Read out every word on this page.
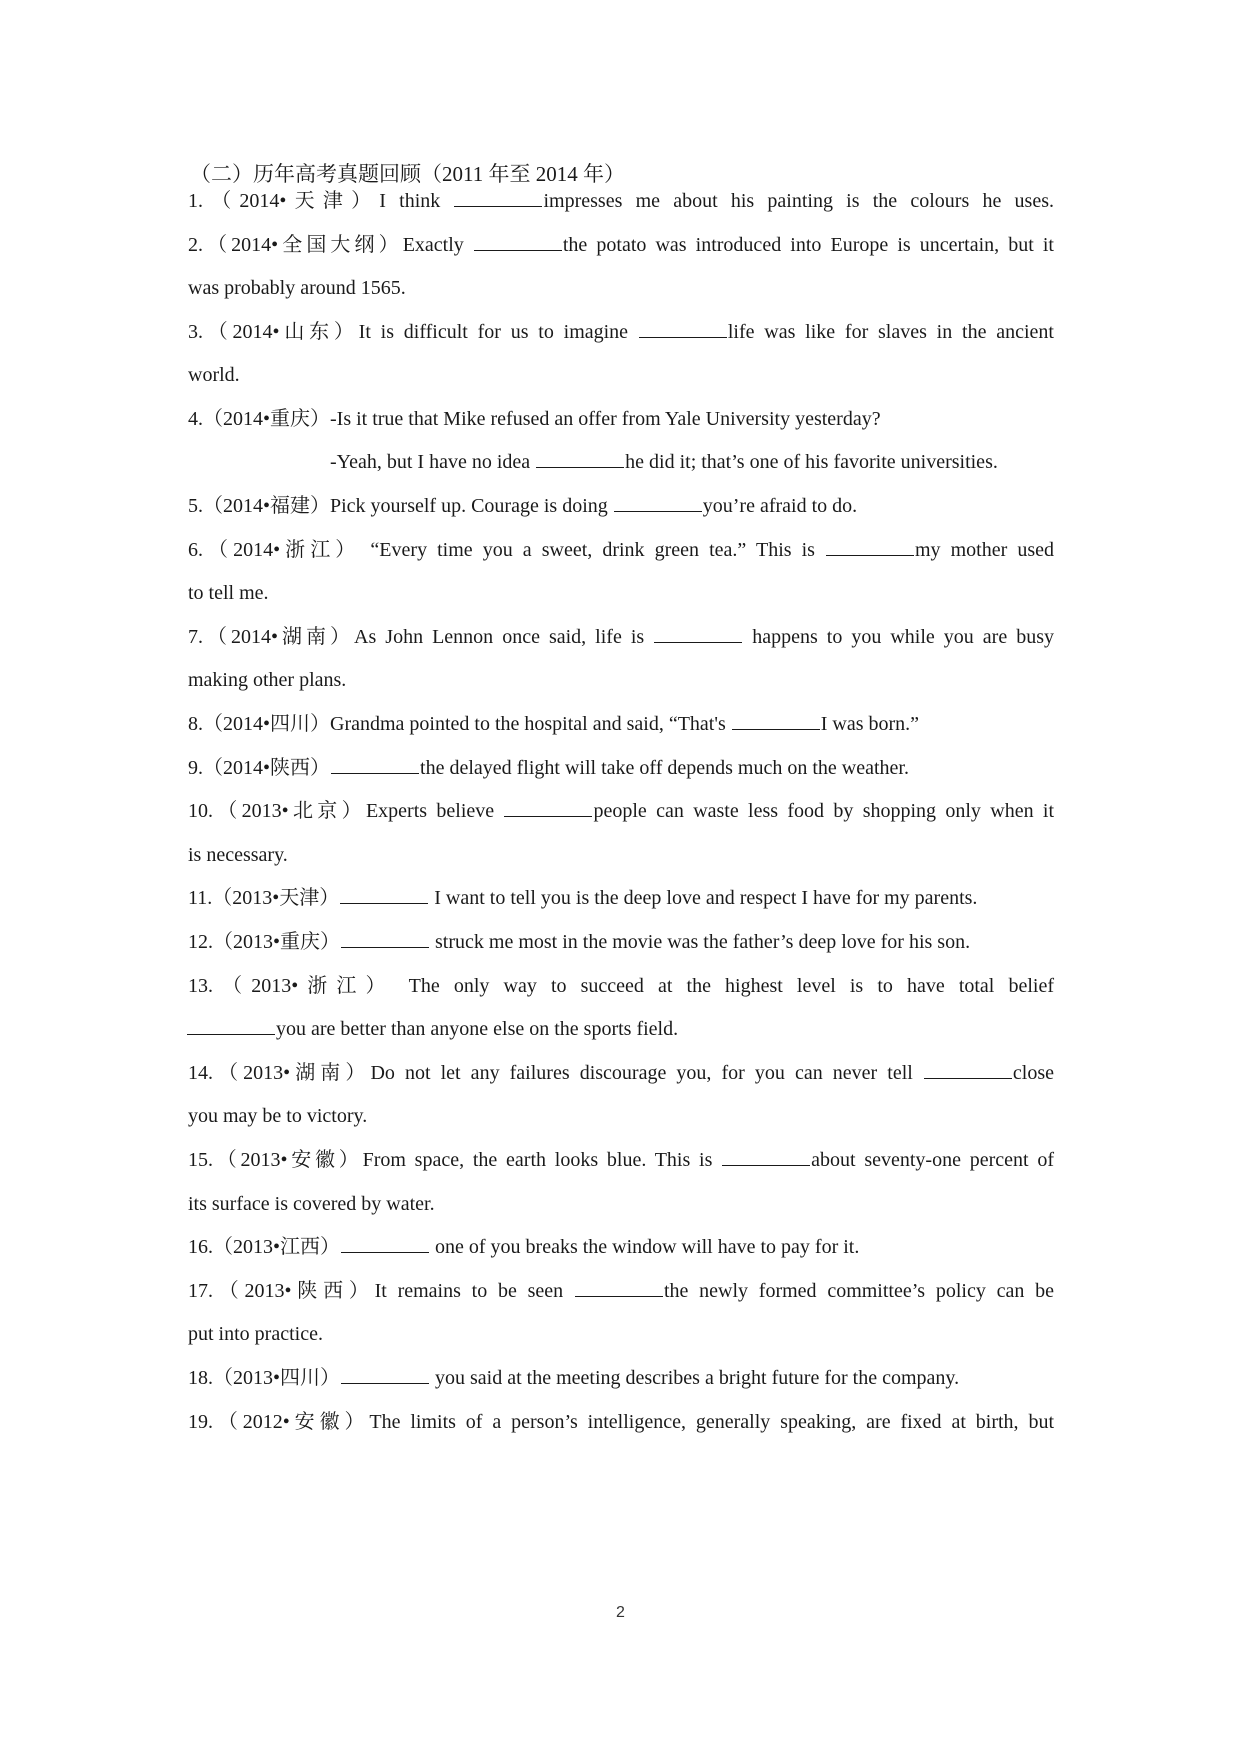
（二）历年高考真题回顾（2011 年至 2014 年）
1.（2014•天津）I think	impresses me about his painting is the colours he uses.
2.（2014•全国大纲）Exactly	the potato was introduced into Europe is uncertain, but it
was probably around 1565.
3.（2014•山东）It is difficult for us to imagine	life was like for slaves in the ancient
world.
4.（2014•重庆）-Is it true that Mike refused an offer from Yale University yesterday?
-Yeah, but I have no idea	he did it; that’s one of his favorite universities.
5.（2014•福建）Pick yourself up. Courage is doing	you’re afraid to do.
6.（2014•浙江） “Every time you a sweet, drink green tea.” This is	my mother used
to tell me.
7.（2014•湖南）As John Lennon once said, life is	happens to you while you are busy
making other plans.
8.（2014•四川）Grandma pointed to the hospital and said, “That's	I was born.”
9.（2014•陕西）	the delayed flight will take off depends much on the weather.
10.（2013•北京）Experts believe	people can waste less food by shopping only when it
is necessary.
11.（2013•天津）	I want to tell you is the deep love and respect I have for my parents.
12.（2013•重庆）	struck me most in the movie was the father’s deep love for his son.
13.（2013•浙江） The only way to succeed at the highest level is to have total belief
you are better than anyone else on the sports field.
14.（2013•湖南）Do not let any failures discourage you, for you can never tell	close
you may be to victory.
15.（2013•安徽）From space, the earth looks blue. This is	about seventy-one percent of
its surface is covered by water.
16.（2013•江西）	one of you breaks the window will have to pay for it.
17.（2013•陕西）It remains to be seen	the newly formed committee’s policy can be
put into practice.
18.（2013•四川）	you said at the meeting describes a bright future for the company.
19.（2012•安徽）The limits of a person’s intelligence, generally speaking, are fixed at birth, but
2
